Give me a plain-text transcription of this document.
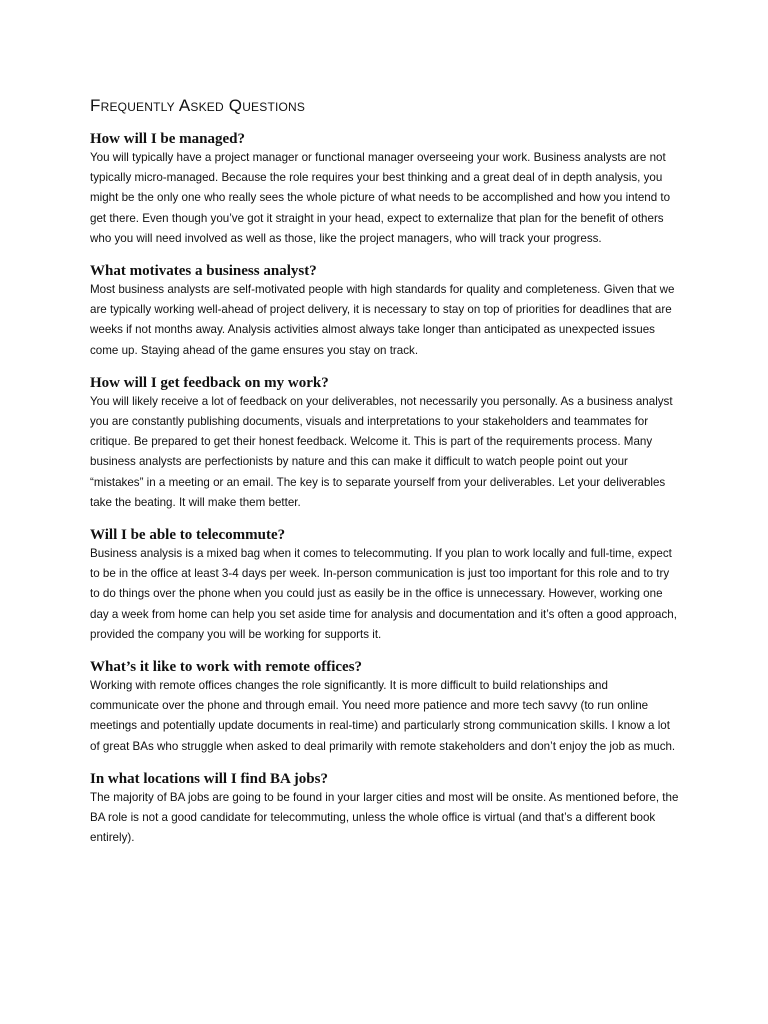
Frequently Asked Questions
How will I be managed?

You will typically have a project manager or functional manager overseeing your work. Business analysts are not typically micro-managed. Because the role requires your best thinking and a great deal of in depth analysis, you might be the only one who really sees the whole picture of what needs to be accomplished and how you intend to get there. Even though you’ve got it straight in your head, expect to externalize that plan for the benefit of others who you will need involved as well as those, like the project managers, who will track your progress.

What motivates a business analyst?

Most business analysts are self-motivated people with high standards for quality and completeness. Given that we are typically working well-ahead of project delivery, it is necessary to stay on top of priorities for deadlines that are weeks if not months away. Analysis activities almost always take longer than anticipated as unexpected issues come up. Staying ahead of the game ensures you stay on track.

How will I get feedback on my work?

You will likely receive a lot of feedback on your deliverables, not necessarily you personally. As a business analyst you are constantly publishing documents, visuals and interpretations to your stakeholders and teammates for critique. Be prepared to get their honest feedback. Welcome it. This is part of the requirements process. Many business analysts are perfectionists by nature and this can make it difficult to watch people point out your “mistakes” in a meeting or an email. The key is to separate yourself from your deliverables. Let your deliverables take the beating. It will make them better.

Will I be able to telecommute?

Business analysis is a mixed bag when it comes to telecommuting. If you plan to work locally and full-time, expect to be in the office at least 3-4 days per week. In-person communication is just too important for this role and to try to do things over the phone when you could just as easily be in the office is unnecessary. However, working one day a week from home can help you set aside time for analysis and documentation and it’s often a good approach, provided the company you will be working for supports it.

What’s it like to work with remote offices?

Working with remote offices changes the role significantly. It is more difficult to build relationships and communicate over the phone and through email. You need more patience and more tech savvy (to run online meetings and potentially update documents in real-time) and particularly strong communication skills. I know a lot of great BAs who struggle when asked to deal primarily with remote stakeholders and don’t enjoy the job as much.

In what locations will I find BA jobs?

The majority of BA jobs are going to be found in your larger cities and most will be onsite. As mentioned before, the BA role is not a good candidate for telecommuting, unless the whole office is virtual (and that’s a different book entirely).
